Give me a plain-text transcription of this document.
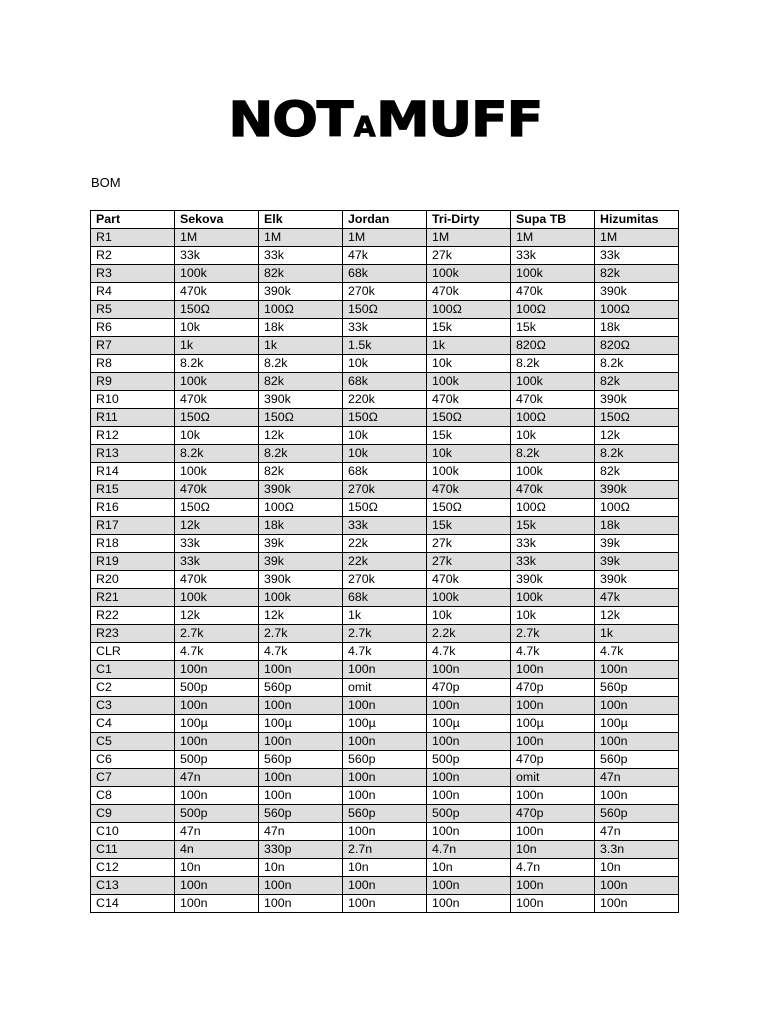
NOTAMUFF
BOM
Part	Sekova	Elk	Jordan	Tri-Dirty	Supa TB	Hizumitas
R1	1M	1M	1M	1M	1M	1M
R2	33k	33k	47k	27k	33k	33k
R3	100k	82k	68k	100k	100k	82k
R4	470k	390k	270k	470k	470k	390k
R5	150Ω	100Ω	150Ω	100Ω	100Ω	100Ω
R6	10k	18k	33k	15k	15k	18k
R7	1k	1k	1.5k	1k	820Ω	820Ω
R8	8.2k	8.2k	10k	10k	8.2k	8.2k
R9	100k	82k	68k	100k	100k	82k
R10	470k	390k	220k	470k	470k	390k
R11	150Ω	150Ω	150Ω	150Ω	100Ω	150Ω
R12	10k	12k	10k	15k	10k	12k
R13	8.2k	8.2k	10k	10k	8.2k	8.2k
R14	100k	82k	68k	100k	100k	82k
R15	470k	390k	270k	470k	470k	390k
R16	150Ω	100Ω	150Ω	150Ω	100Ω	100Ω
R17	12k	18k	33k	15k	15k	18k
R18	33k	39k	22k	27k	33k	39k
R19	33k	39k	22k	27k	33k	39k
R20	470k	390k	270k	470k	390k	390k
R21	100k	100k	68k	100k	100k	47k
R22	12k	12k	1k	10k	10k	12k
R23	2.7k	2.7k	2.7k	2.2k	2.7k	1k
CLR	4.7k	4.7k	4.7k	4.7k	4.7k	4.7k
C1	100n	100n	100n	100n	100n	100n
C2	500p	560p	omit	470p	470p	560p
C3	100n	100n	100n	100n	100n	100n
C4	100µ	100µ	100µ	100µ	100µ	100µ
C5	100n	100n	100n	100n	100n	100n
C6	500p	560p	560p	500p	470p	560p
C7	47n	100n	100n	100n	omit	47n
C8	100n	100n	100n	100n	100n	100n
C9	500p	560p	560p	500p	470p	560p
C10	47n	47n	100n	100n	100n	47n
C11	4n	330p	2.7n	4.7n	10n	3.3n
C12	10n	10n	10n	10n	4.7n	10n
C13	100n	100n	100n	100n	100n	100n
C14	100n	100n	100n	100n	100n	100n
